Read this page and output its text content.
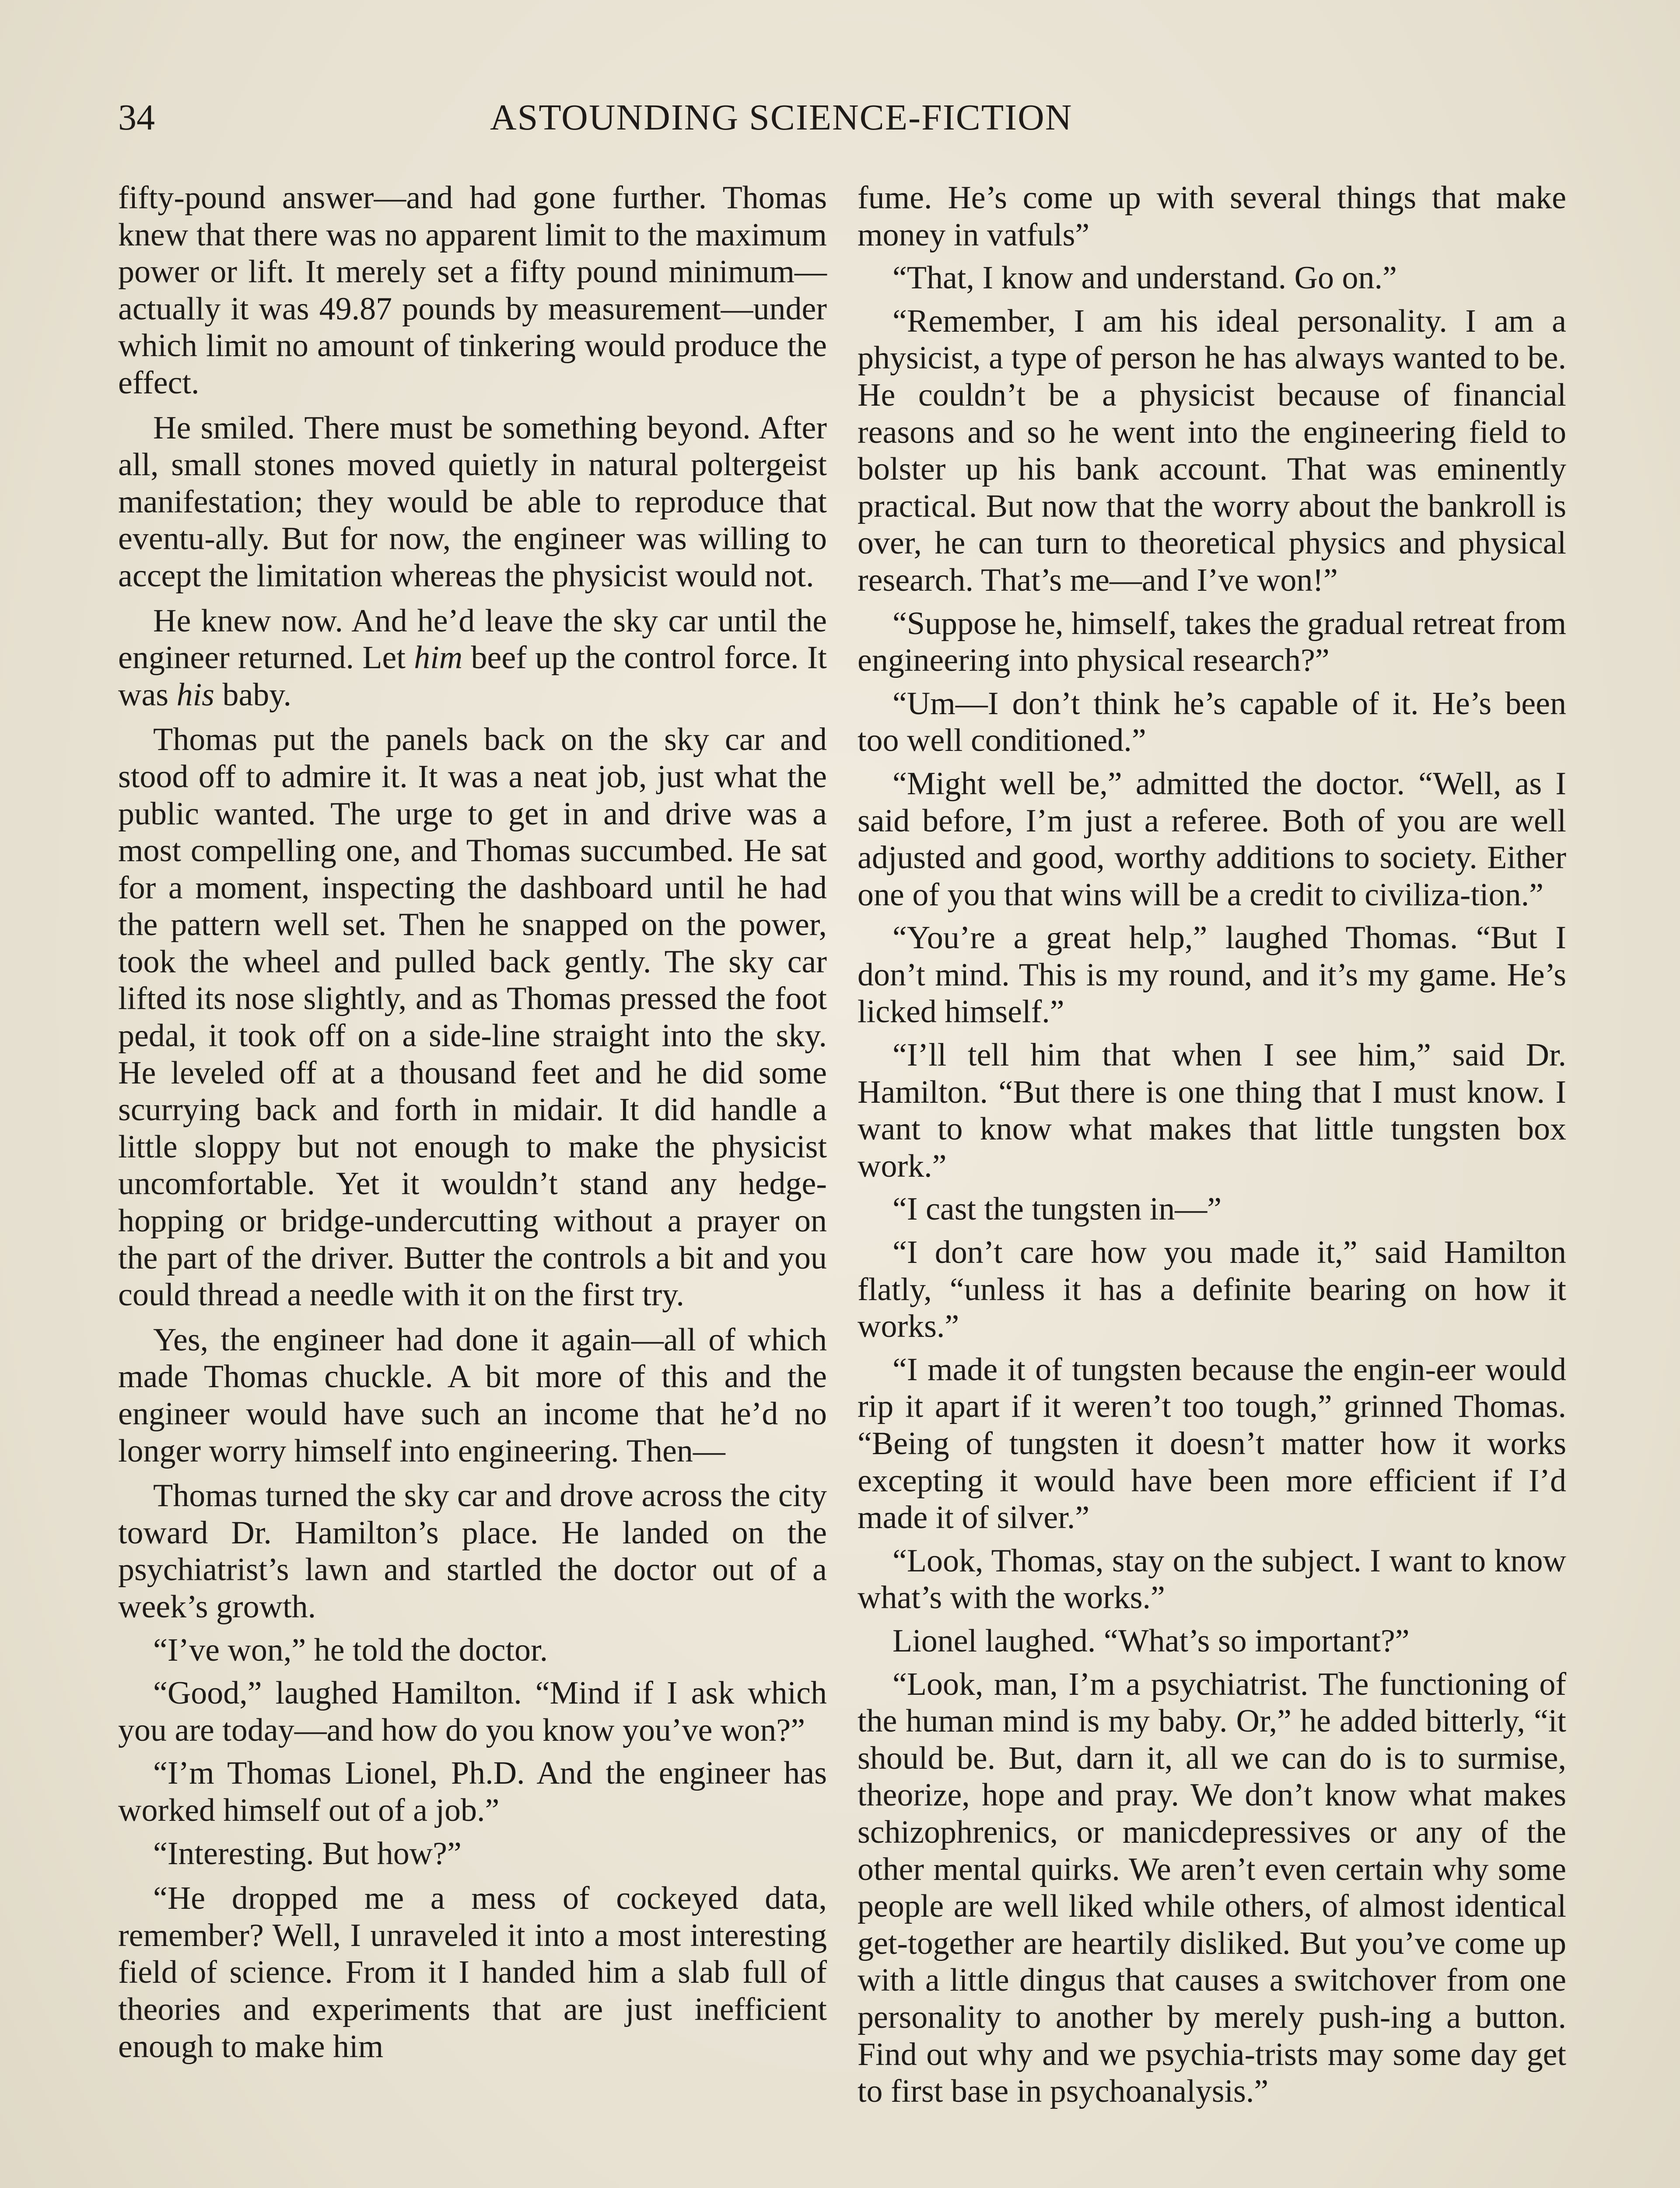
34	ASTOUNDING SCIENCE-FICTION

fifty-pound answer—and had gone further. Thomas knew that there was no apparent limit to the maximum power or lift. It merely set a fifty pound minimum—actually it was 49.87 pounds by measurement—under which limit no amount of tinkering would produce the effect.

He smiled. There must be something beyond. After all, small stones moved quietly in natural poltergeist manifestation; they would be able to reproduce that eventu-ally. But for now, the engineer was willing to accept the limitation whereas the physicist would not.

He knew now. And he’d leave the sky car until the engineer returned. Let him beef up the control force. It was his baby.

Thomas put the panels back on the sky car and stood off to admire it. It was a neat job, just what the public wanted. The urge to get in and drive was a most compelling one, and Thomas succumbed. He sat for a moment, inspecting the dashboard until he had the pattern well set. Then he snapped on the power, took the wheel and pulled back gently. The sky car lifted its nose slightly, and as Thomas pressed the foot pedal, it took off on a side-line straight into the sky. He leveled off at a thousand feet and he did some scurrying back and forth in midair. It did handle a little sloppy but not enough to make the physicist uncomfortable. Yet it wouldn’t stand any hedge-hopping or bridge-undercutting without a prayer on the part of the driver. Butter the controls a bit and you could thread a needle with it on the first try.

Yes, the engineer had done it again—all of which made Thomas chuckle. A bit more of this and the engineer would have such an income that he’d no longer worry himself into engineering. Then—

Thomas turned the sky car and drove across the city toward Dr. Hamilton’s place. He landed on the psychiatrist’s lawn and startled the doctor out of a week’s growth.

“I’ve won,” he told the doctor.

“Good,” laughed Hamilton. “Mind if I ask which you are today—and how do you know you’ve won?”

“I’m Thomas Lionel, Ph.D. And the engineer has worked himself out of a job.”

“Interesting. But how?”

“He dropped me a mess of cockeyed data, remember? Well, I unraveled it into a most interesting field of science. From it I handed him a slab full of theories and experiments that are just inefficient enough to make him

fume. He’s come up with several things that make money in vatfuls”

“That, I know and understand. Go on.”

“Remember, I am his ideal personality. I am a physicist, a type of person he has always wanted to be. He couldn’t be a physicist because of financial reasons and so he went into the engineering field to bolster up his bank account. That was eminently practical. But now that the worry about the bankroll is over, he can turn to theoretical physics and physical research. That’s me—and I’ve won!”

“Suppose he, himself, takes the gradual retreat from engineering into physical research?”

“Um—I don’t think he’s capable of it. He’s been too well conditioned.”

“Might well be,” admitted the doctor. “Well, as I said before, I’m just a referee. Both of you are well adjusted and good, worthy additions to society. Either one of you that wins will be a credit to civiliza-tion.”

“You’re a great help,” laughed Thomas. “But I don’t mind. This is my round, and it’s my game. He’s licked himself.”

“I’ll tell him that when I see him,” said Dr. Hamilton. “But there is one thing that I must know. I want to know what makes that little tungsten box work.”

“I cast the tungsten in—”

“I don’t care how you made it,” said Hamilton flatly, “unless it has a definite bearing on how it works.”

“I made it of tungsten because the engin-eer would rip it apart if it weren’t too tough,” grinned Thomas. “Being of tungsten it doesn’t matter how it works excepting it would have been more efficient if I’d made it of silver.”

“Look, Thomas, stay on the subject. I want to know what’s with the works.”

Lionel laughed. “What’s so important?”

“Look, man, I’m a psychiatrist. The functioning of the human mind is my baby. Or,” he added bitterly, “it should be. But, darn it, all we can do is to surmise, theorize, hope and pray. We don’t know what makes schizophrenics, or manicdepressives or any of the other mental quirks. We aren’t even certain why some people are well liked while others, of almost identical get-together are heartily disliked. But you’ve come up with a little dingus that causes a switchover from one personality to another by merely push-ing a button. Find out why and we psychia-trists may some day get to first base in psychoanalysis.”
